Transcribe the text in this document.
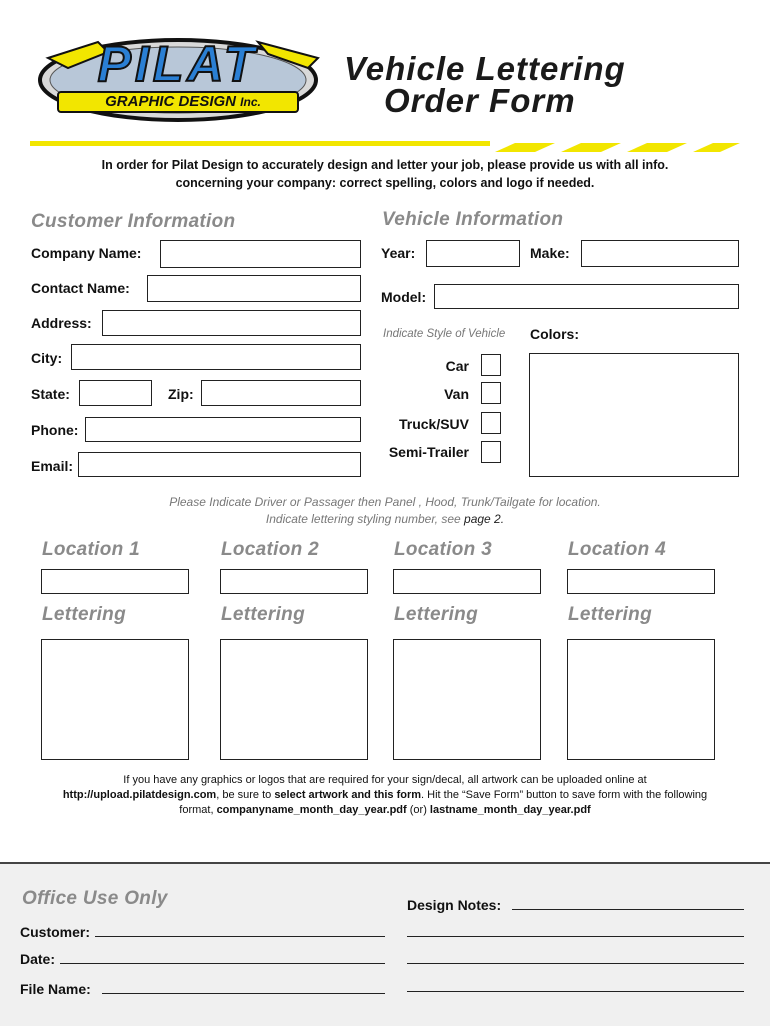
PILAT
GRAPHIC DESIGN Inc.
Vehicle Lettering
Order Form
In order for Pilat Design to accurately design and letter your job, please provide us with all info.
concerning your company: correct spelling, colors and logo if needed.
Customer Information
Company Name:
Contact Name:
Address:
City:
State:	Zip:
Phone:
Email:
Vehicle Information
Year:	Make:
Model:
Indicate Style of Vehicle Colors:
Car
Van
Truck/SUV
Semi-Trailer
Please Indicate Driver or Passager then Panel , Hood, Trunk/Tailgate for location.
Indicate lettering styling number, see page 2.
Location 1
Lettering
Location 2
Lettering
Location 3
Lettering
Location 4
Lettering
If you have any graphics or logos that are required for your sign/decal, all artwork can be uploaded online at
http://upload.pilatdesign.com, be sure to select artwork and this form. Hit the “Save Form” button to save form with the following
format, companyname_month_day_year.pdf (or) lastname_month_day_year.pdf
Office Use Only
Customer:
Date:
File Name:
Design Notes:
